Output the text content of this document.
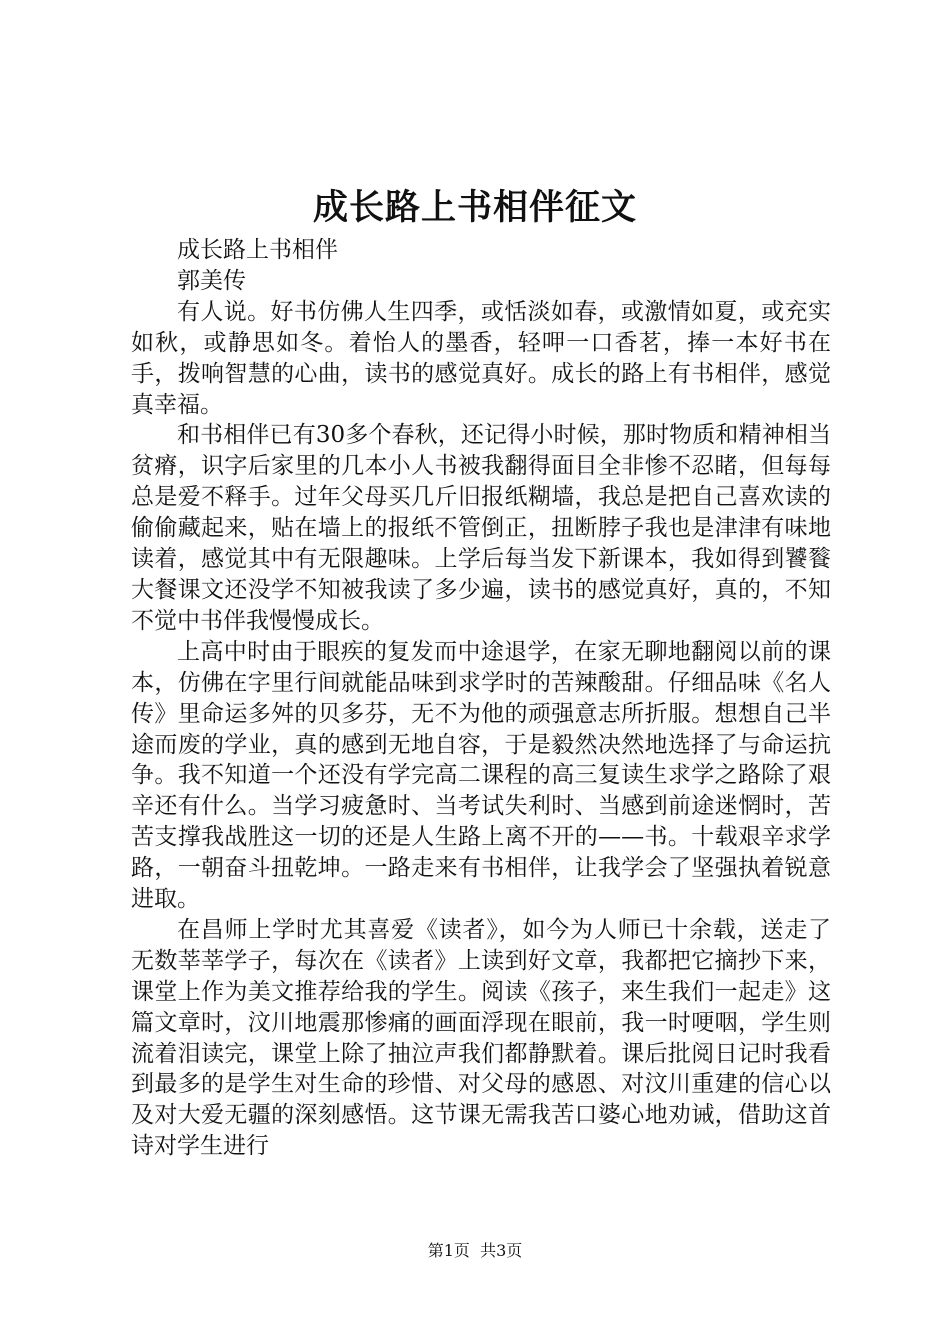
成长路上书相伴征文

成长路上书相伴

郭美传

有人说。好书仿佛人生四季，或恬淡如春，或激情如夏，或充实如秋，或静思如冬。着怡人的墨香，轻呷一口香茗，捧一本好书在手，拨响智慧的心曲，读书的感觉真好。成长的路上有书相伴，感觉真幸福。

和书相伴已有30多个春秋，还记得小时候，那时物质和精神相当贫瘠，识字后家里的几本小人书被我翻得面目全非惨不忍睹，但每每总是爱不释手。过年父母买几斤旧报纸糊墙，我总是把自己喜欢读的偷偷藏起来，贴在墙上的报纸不管倒正，扭断脖子我也是津津有味地读着，感觉其中有无限趣味。上学后每当发下新课本，我如得到饕餮大餐课文还没学不知被我读了多少遍，读书的感觉真好，真的，不知不觉中书伴我慢慢成长。

上高中时由于眼疾的复发而中途退学，在家无聊地翻阅以前的课本，仿佛在字里行间就能品味到求学时的苦辣酸甜。仔细品味《名人传》里命运多舛的贝多芬，无不为他的顽强意志所折服。想想自己半途而废的学业，真的感到无地自容，于是毅然决然地选择了与命运抗争。我不知道一个还没有学完高二课程的高三复读生求学之路除了艰辛还有什么。当学习疲惫时、当考试失利时、当感到前途迷惘时，苦苦支撑我战胜这一切的还是人生路上离不开的——书。十载艰辛求学路，一朝奋斗扭乾坤。一路走来有书相伴，让我学会了坚强执着锐意进取。

在昌师上学时尤其喜爱《读者》，如今为人师已十余载，送走了无数莘莘学子，每次在《读者》上读到好文章，我都把它摘抄下来，课堂上作为美文推荐给我的学生。阅读《孩子，来生我们一起走》这篇文章时，汶川地震那惨痛的画面浮现在眼前，我一时哽咽，学生则流着泪读完，课堂上除了抽泣声我们都静默着。课后批阅日记时我看到最多的是学生对生命的珍惜、对父母的感恩、对汶川重建的信心以及对大爱无疆的深刻感悟。这节课无需我苦口婆心地劝诫，借助这首诗对学生进行

第1页  共3页
